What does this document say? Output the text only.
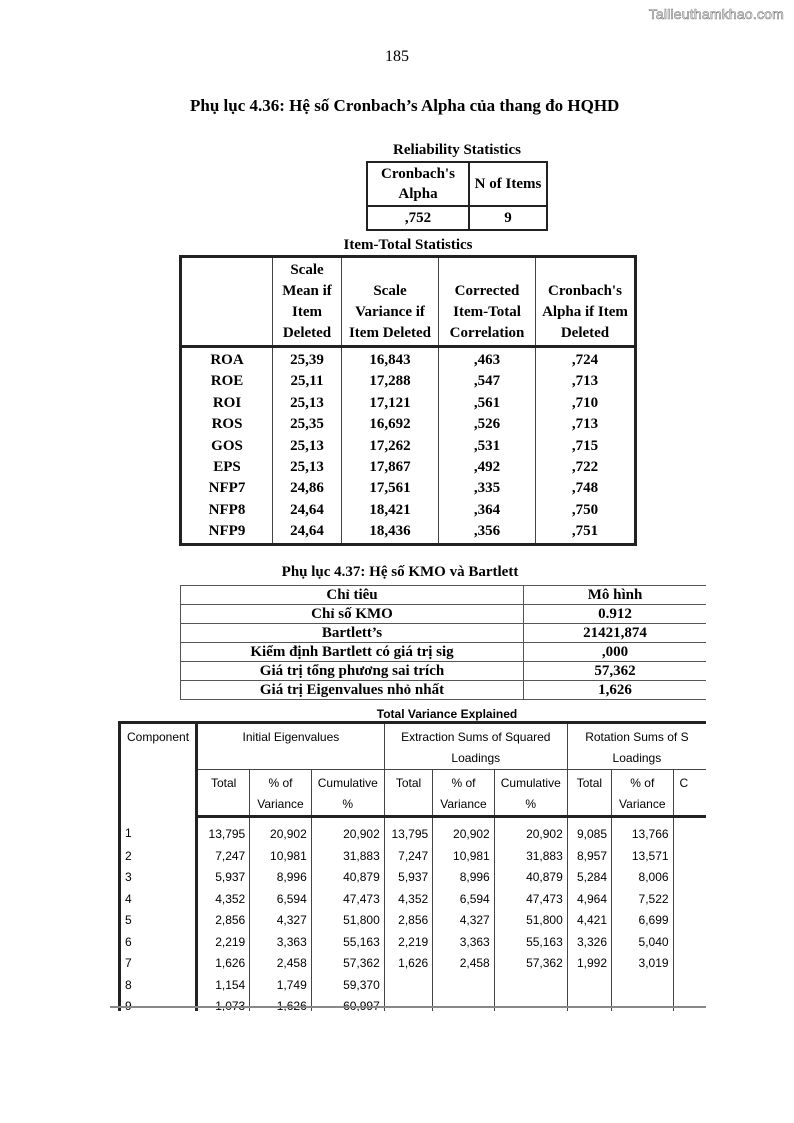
Tailieuthamkhao.com
185
Phụ lục 4.36: Hệ số Cronbach’s Alpha của thang đo HQHD
Reliability Statistics
Cronbach's Alpha	N of Items
,752	9
Item-Total Statistics
	Scale Mean if Item Deleted	Scale Variance if Item Deleted	Corrected Item-Total Correlation	Cronbach's Alpha if Item Deleted
ROA	25,39	16,843	,463	,724
ROE	25,11	17,288	,547	,713
ROI	25,13	17,121	,561	,710
ROS	25,35	16,692	,526	,713
GOS	25,13	17,262	,531	,715
EPS	25,13	17,867	,492	,722
NFP7	24,86	17,561	,335	,748
NFP8	24,64	18,421	,364	,750
NFP9	24,64	18,436	,356	,751
Phụ lục 4.37: Hệ số KMO và Bartlett
Chỉ tiêu	Mô hình
Chỉ số KMO	0.912
Bartlett’s	21421,874
Kiểm định Bartlett có giá trị sig	,000
Giá trị tổng phương sai trích	57,362
Giá trị Eigenvalues nhỏ nhất	1,626
Total Variance Explained
Component	Initial Eigenvalues			Extraction Sums of Squared Loadings			Rotation Sums of S Loadings		
	Total	% of Variance	Cumulative %	Total	% of Variance	Cumulative %	Total	% of Variance	C
1	13,795	20,902	20,902	13,795	20,902	20,902	9,085	13,766	
2	7,247	10,981	31,883	7,247	10,981	31,883	8,957	13,571	
3	5,937	8,996	40,879	5,937	8,996	40,879	5,284	8,006	
4	4,352	6,594	47,473	4,352	6,594	47,473	4,964	7,522	
5	2,856	4,327	51,800	2,856	4,327	51,800	4,421	6,699	
6	2,219	3,363	55,163	2,219	3,363	55,163	3,326	5,040	
7	1,626	2,458	57,362	1,626	2,458	57,362	1,992	3,019	
8	1,154	1,749	59,370						
9	1,073	1,626	60,997						
